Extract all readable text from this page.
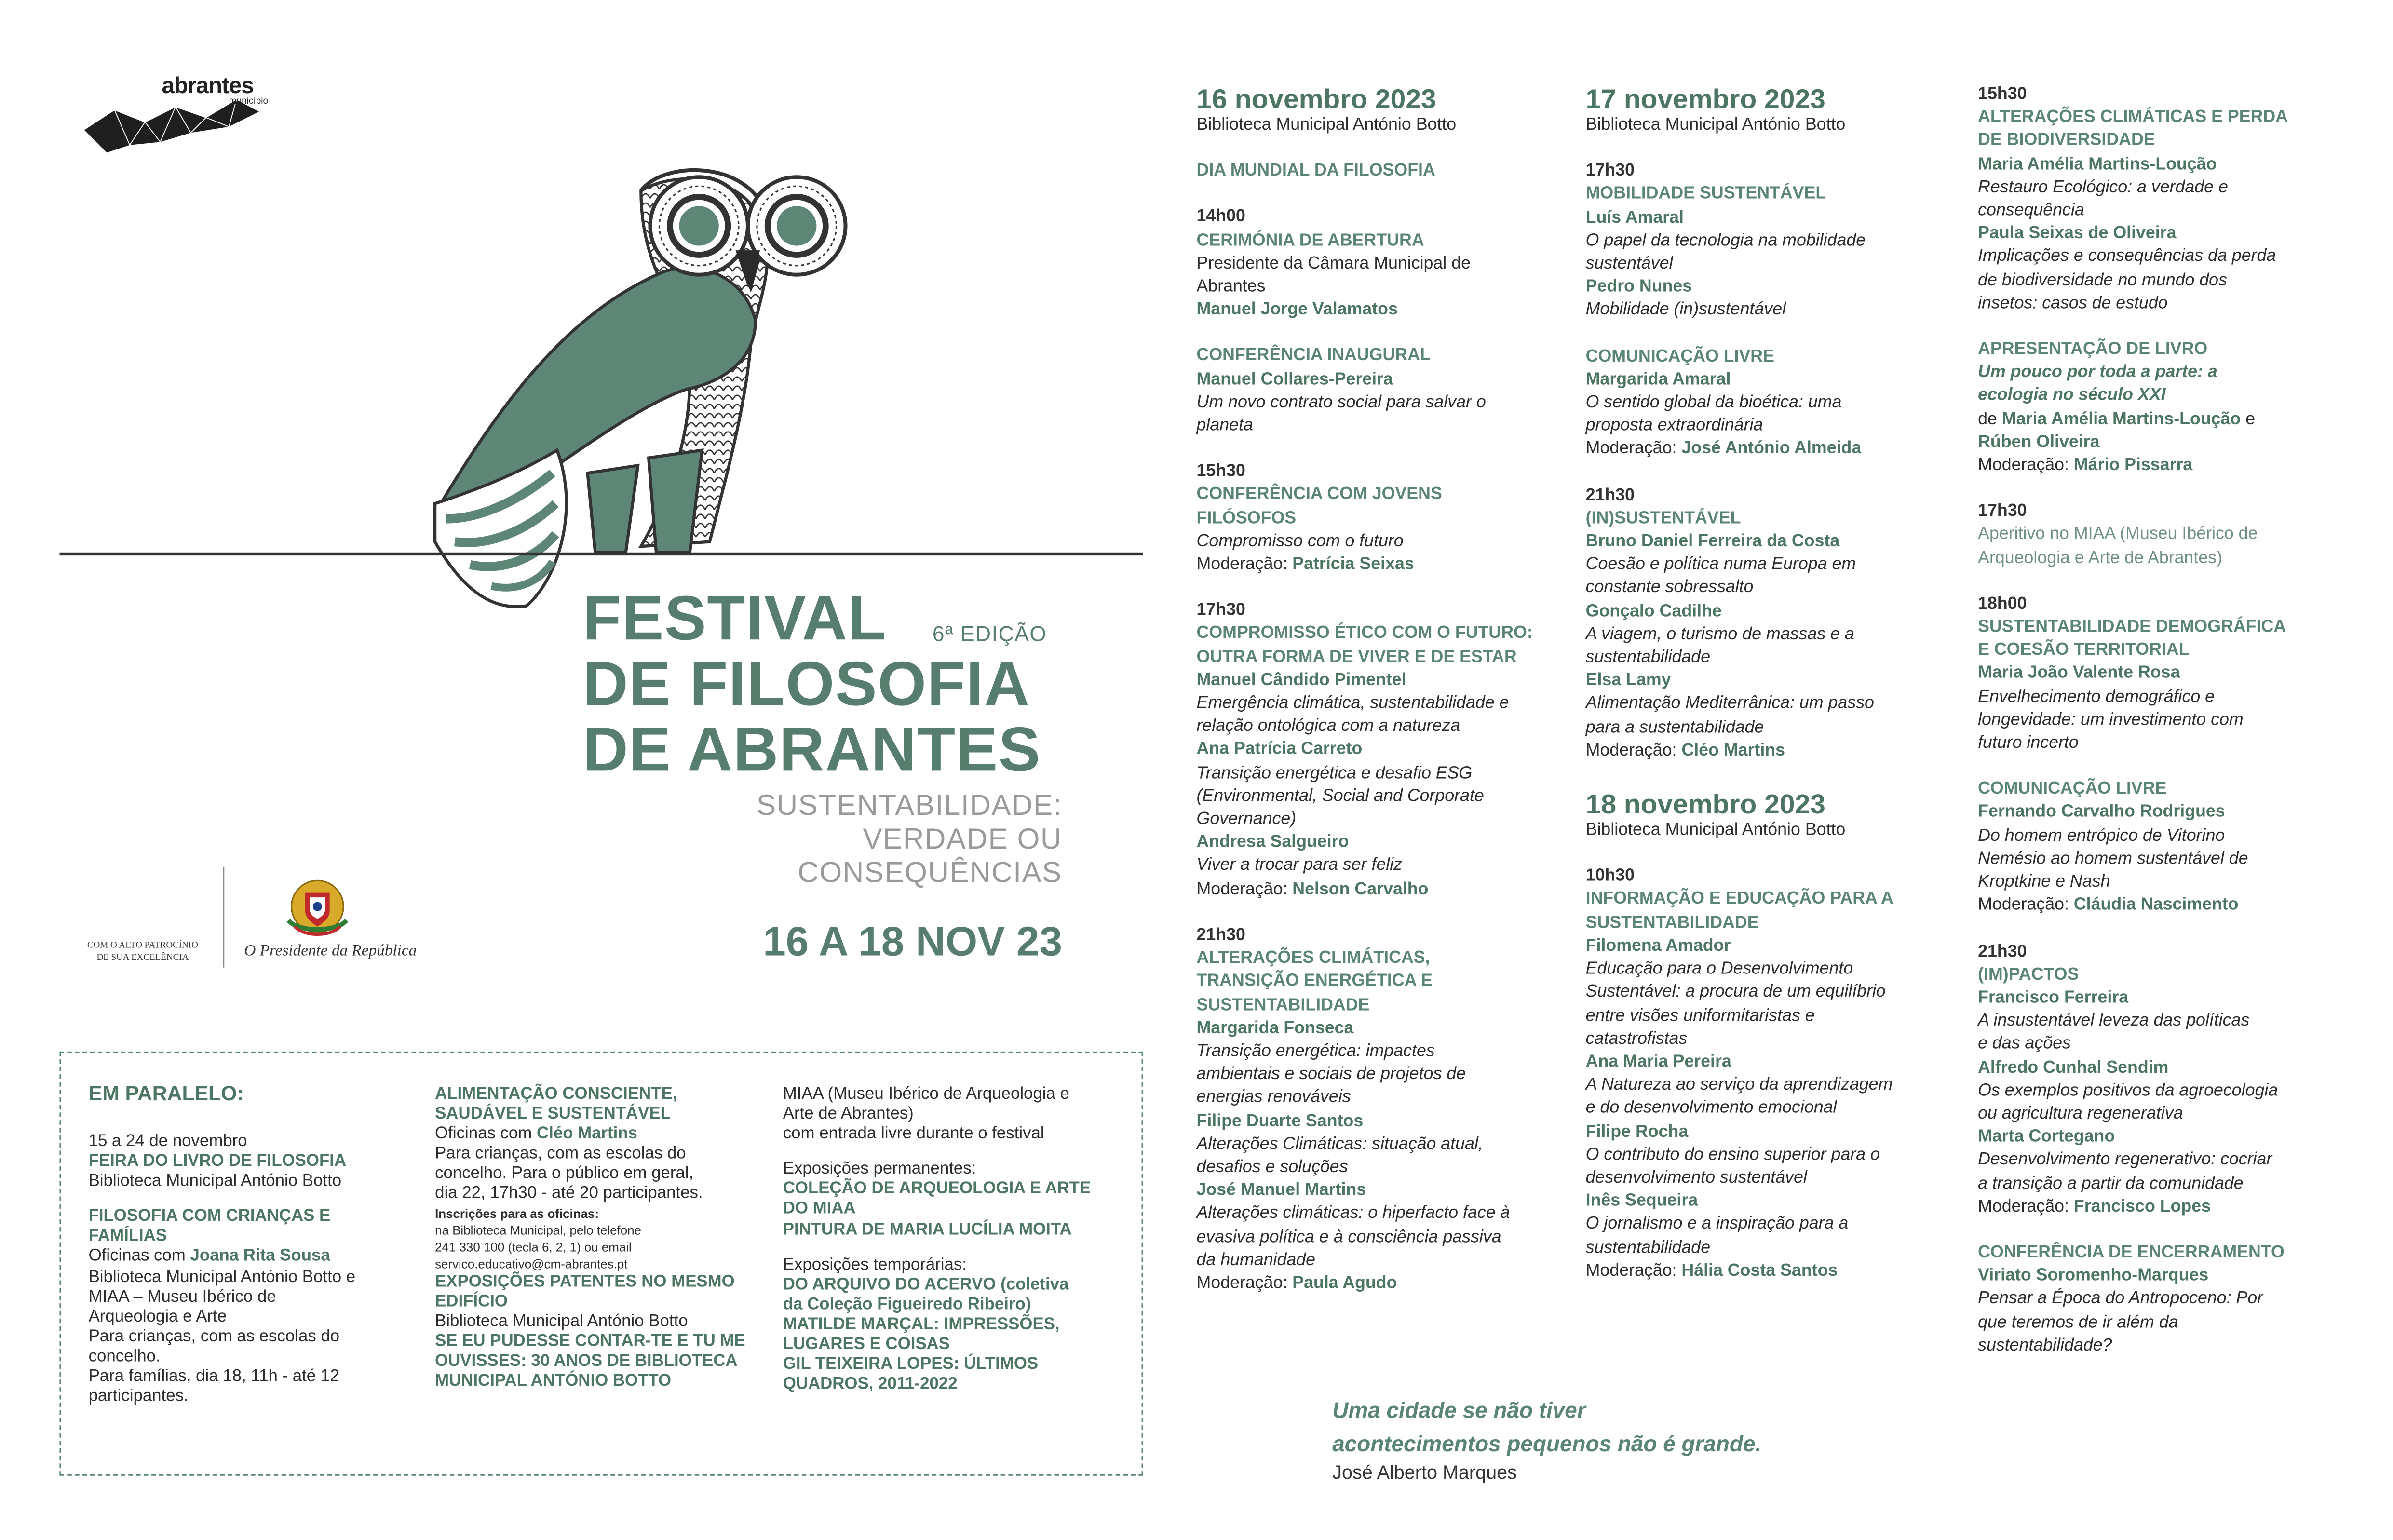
abrantes
município
FESTIVAL
DE FILOSOFIA
DE ABRANTES
6ª EDIÇÃO
SUSTENTABILIDADE:
VERDADE OU
CONSEQUÊNCIAS
16 A 18 NOV 23
COM O ALTO PATROCÍNIO
DE SUA EXCELÊNCIA	O Presidente da República
16 novembro 2023
Biblioteca Municipal António Botto
DIA MUNDIAL DA FILOSOFIA
14h00
CERIMÓNIA DE ABERTURA
Presidente da Câmara Municipal de
Abrantes
Manuel Jorge Valamatos
CONFERÊNCIA INAUGURAL
Manuel Collares-Pereira
Um novo contrato social para salvar o
planeta
15h30
CONFERÊNCIA COM JOVENS
FILÓSOFOS
Compromisso com o futuro
Moderação: Patrícia Seixas
17h30
COMPROMISSO ÉTICO COM O FUTURO:
OUTRA FORMA DE VIVER E DE ESTAR
Manuel Cândido Pimentel
Emergência climática, sustentabilidade e
relação ontológica com a natureza
Ana Patrícia Carreto
Transição energética e desafio ESG
(Environmental, Social and Corporate
Governance)
Andresa Salgueiro
Viver a trocar para ser feliz
Moderação: Nelson Carvalho
21h30
ALTERAÇÕES CLIMÁTICAS,
TRANSIÇÃO ENERGÉTICA E
SUSTENTABILIDADE
Margarida Fonseca
Transição energética: impactes
ambientais e sociais de projetos de
energias renováveis
Filipe Duarte Santos
Alterações Climáticas: situação atual,
desafios e soluções
José Manuel Martins
Alterações climáticas: o hiperfacto face à
evasiva política e à consciência passiva
da humanidade
Moderação: Paula Agudo
17 novembro 2023
Biblioteca Municipal António Botto
17h30
MOBILIDADE SUSTENTÁVEL
Luís Amaral
O papel da tecnologia na mobilidade
sustentável
Pedro Nunes
Mobilidade (in)sustentável
COMUNICAÇÃO LIVRE
Margarida Amaral
O sentido global da bioética: uma
proposta extraordinária
Moderação: José António Almeida
21h30
(IN)SUSTENTÁVEL
Bruno Daniel Ferreira da Costa
Coesão e política numa Europa em
constante sobressalto
Gonçalo Cadilhe
A viagem, o turismo de massas e a
sustentabilidade
Elsa Lamy
Alimentação Mediterrânica: um passo
para a sustentabilidade
Moderação: Cléo Martins
18 novembro 2023
Biblioteca Municipal António Botto
10h30
INFORMAÇÃO E EDUCAÇÃO PARA A
SUSTENTABILIDADE
Filomena Amador
Educação para o Desenvolvimento
Sustentável: a procura de um equilíbrio
entre visões uniformitaristas e
catastrofistas
Ana Maria Pereira
A Natureza ao serviço da aprendizagem
e do desenvolvimento emocional
Filipe Rocha
O contributo do ensino superior para o
desenvolvimento sustentável
Inês Sequeira
O jornalismo e a inspiração para a
sustentabilidade
Moderação: Hália Costa Santos
15h30
ALTERAÇÕES CLIMÁTICAS E PERDA
DE BIODIVERSIDADE
Maria Amélia Martins-Loução
Restauro Ecológico: a verdade e
consequência
Paula Seixas de Oliveira
Implicações e consequências da perda
de biodiversidade no mundo dos
insetos: casos de estudo
APRESENTAÇÃO DE LIVRO
Um pouco por toda a parte: a
ecologia no século XXI
de Maria Amélia Martins-Loução e
Rúben Oliveira
Moderação: Mário Pissarra
17h30
Aperitivo no MIAA (Museu Ibérico de
Arqueologia e Arte de Abrantes)
18h00
SUSTENTABILIDADE DEMOGRÁFICA
E COESÃO TERRITORIAL
Maria João Valente Rosa
Envelhecimento demográfico e
longevidade: um investimento com
futuro incerto
COMUNICAÇÃO LIVRE
Fernando Carvalho Rodrigues
Do homem entrópico de Vitorino
Nemésio ao homem sustentável de
Kroptkine e Nash
Moderação: Cláudia Nascimento
21h30
(IM)PACTOS
Francisco Ferreira
A insustentável leveza das políticas
e das ações
Alfredo Cunhal Sendim
Os exemplos positivos da agroecologia
ou agricultura regenerativa
Marta Cortegano
Desenvolvimento regenerativo: cocriar
a transição a partir da comunidade
Moderação: Francisco Lopes
CONFERÊNCIA DE ENCERRAMENTO
Viriato Soromenho-Marques
Pensar a Época do Antropoceno: Por
que teremos de ir além da
sustentabilidade?
EM PARALELO:
15 a 24 de novembro
FEIRA DO LIVRO DE FILOSOFIA
Biblioteca Municipal António Botto
FILOSOFIA COM CRIANÇAS E
FAMÍLIAS
Oficinas com Joana Rita Sousa
Biblioteca Municipal António Botto e
MIAA – Museu Ibérico de
Arqueologia e Arte
Para crianças, com as escolas do
concelho.
Para famílias, dia 18, 11h - até 12
participantes.
ALIMENTAÇÃO CONSCIENTE,
SAUDÁVEL E SUSTENTÁVEL
Oficinas com Cléo Martins
Para crianças, com as escolas do
concelho. Para o público em geral,
dia 22, 17h30 - até 20 participantes.
Inscrições para as oficinas:
na Biblioteca Municipal, pelo telefone
241 330 100 (tecla 6, 2, 1) ou email
servico.educativo@cm-abrantes.pt
EXPOSIÇÕES PATENTES NO MESMO
EDIFÍCIO
Biblioteca Municipal António Botto
SE EU PUDESSE CONTAR-TE E TU ME
OUVISSES: 30 ANOS DE BIBLIOTECA
MUNICIPAL ANTÓNIO BOTTO
MIAA (Museu Ibérico de Arqueologia e
Arte de Abrantes)
com entrada livre durante o festival
Exposições permanentes:
COLEÇÃO DE ARQUEOLOGIA E ARTE
DO MIAA
PINTURA DE MARIA LUCÍLIA MOITA
Exposições temporárias:
DO ARQUIVO DO ACERVO (coletiva
da Coleção Figueiredo Ribeiro)
MATILDE MARÇAL: IMPRESSÕES,
LUGARES E COISAS
GIL TEIXEIRA LOPES: ÚLTIMOS
QUADROS, 2011-2022
Uma cidade se não tiver
acontecimentos pequenos não é grande.
José Alberto Marques
